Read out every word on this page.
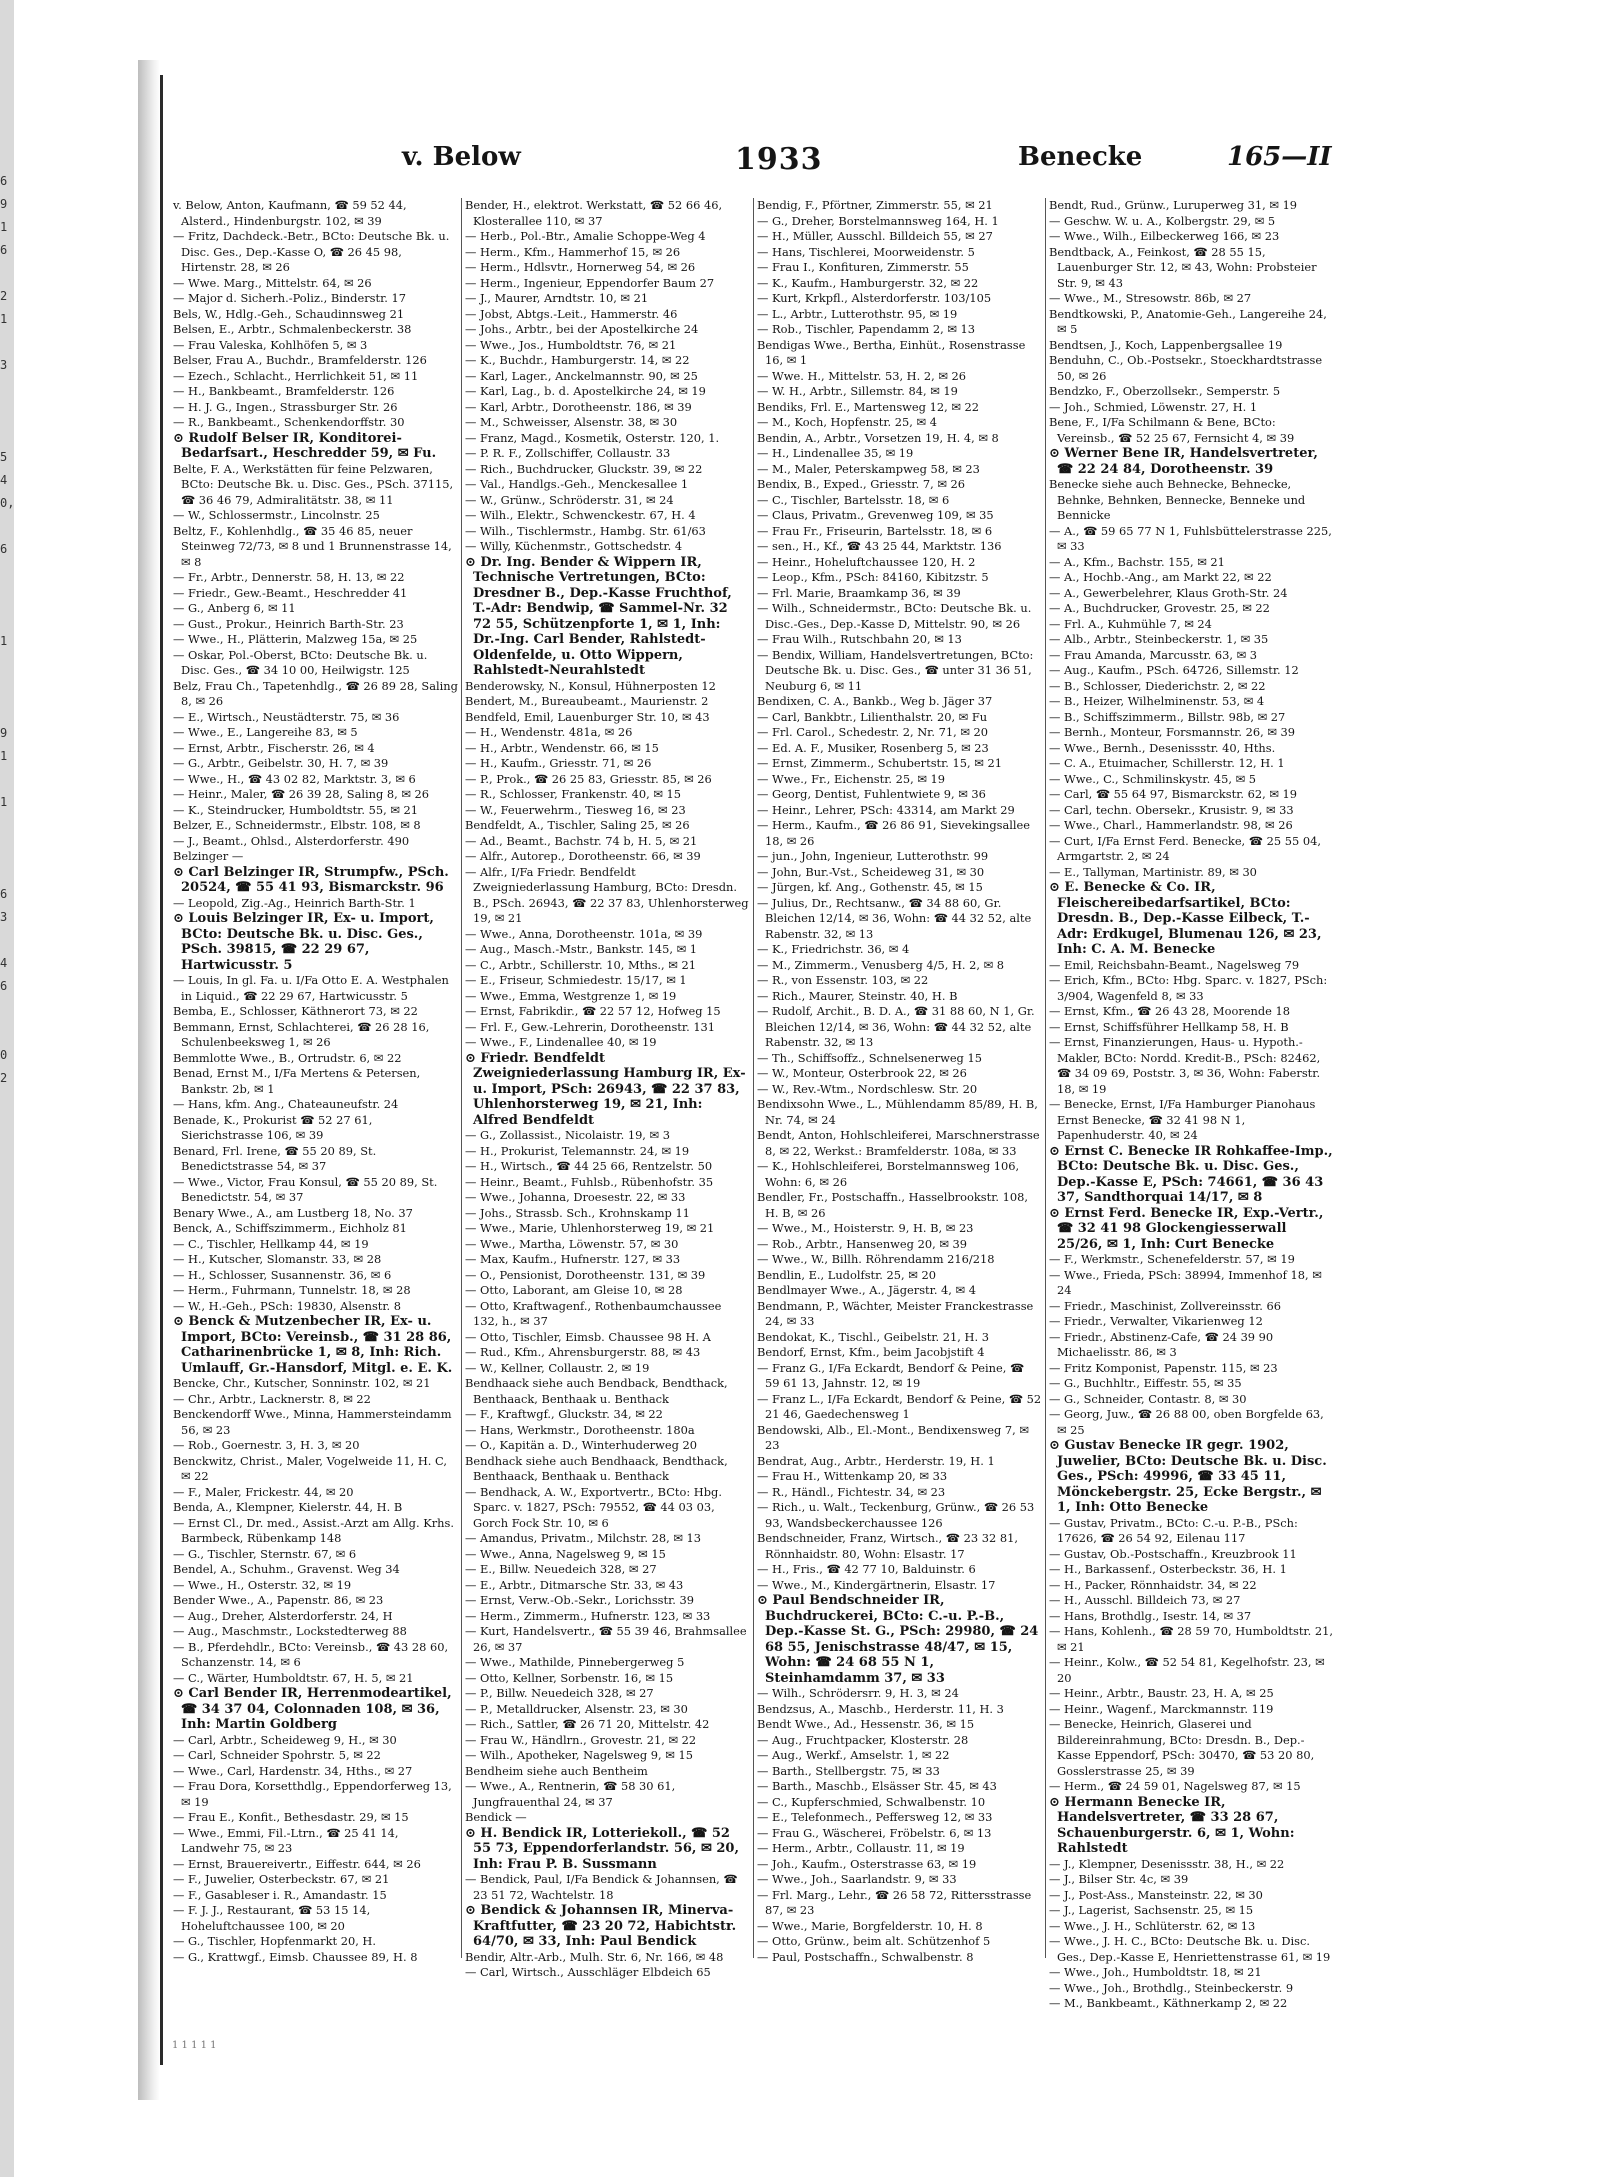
6
9
1
6

2
1

3

5
4
0,

6

1

9
1

1

6
3

4
6

0
2
v. Below	1933	Benecke	165—II

v. Below, Anton, Kaufmann, ☎ 59 52 44, Alsterd., Hindenburgstr. 102, ✉ 39

— Fritz, Dachdeck.-Betr., BCto: Deutsche Bk. u. Disc. Ges., Dep.-Kasse O, ☎ 26 45 98, Hirtenstr. 28, ✉ 26

— Wwe. Marg., Mittelstr. 64, ✉ 26

— Major d. Sicherh.-Poliz., Binderstr. 17

Bels, W., Hdlg.-Geh., Schaudinnsweg 21

Belsen, E., Arbtr., Schmalenbeckerstr. 38

— Frau Valeska, Kohlhöfen 5, ✉ 3

Belser, Frau A., Buchdr., Bramfelderstr. 126

— Ezech., Schlacht., Herrlichkeit 51, ✉ 11

— H., Bankbeamt., Bramfelderstr. 126

— H. J. G., Ingen., Strassburger Str. 26

— R., Bankbeamt., Schenkendorffstr. 30

⊙ Rudolf Belser IR, Konditorei-Bedarfsart., Heschredder 59, ✉ Fu.

Belte, F. A., Werkstätten für feine Pelzwaren, BCto: Deutsche Bk. u. Disc. Ges., PSch. 37115, ☎ 36 46 79, Admiralitätstr. 38, ✉ 11

— W., Schlossermstr., Lincolnstr. 25

Beltz, F., Kohlenhdlg., ☎ 35 46 85, neuer Steinweg 72/73, ✉ 8 und 1 Brunnenstrasse 14, ✉ 8

— Fr., Arbtr., Dennerstr. 58, H. 13, ✉ 22

— Friedr., Gew.-Beamt., Heschredder 41

— G., Anberg 6, ✉ 11

— Gust., Prokur., Heinrich Barth-Str. 23

— Wwe., H., Plätterin, Malzweg 15a, ✉ 25

— Oskar, Pol.-Oberst, BCto: Deutsche Bk. u. Disc. Ges., ☎ 34 10 00, Heilwigstr. 125

Belz, Frau Ch., Tapetenhdlg., ☎ 26 89 28, Saling 8, ✉ 26

— E., Wirtsch., Neustädterstr. 75, ✉ 36

— Wwe., E., Langereihe 83, ✉ 5

— Ernst, Arbtr., Fischerstr. 26, ✉ 4

— G., Arbtr., Geibelstr. 30, H. 7, ✉ 39

— Wwe., H., ☎ 43 02 82, Marktstr. 3, ✉ 6

— Heinr., Maler, ☎ 26 39 28, Saling 8, ✉ 26

— K., Steindrucker, Humboldtstr. 55, ✉ 21

Belzer, E., Schneidermstr., Elbstr. 108, ✉ 8

— J., Beamt., Ohlsd., Alsterdorferstr. 490

Belzinger —

⊙ Carl Belzinger IR, Strumpfw., PSch. 20524, ☎ 55 41 93, Bismarckstr. 96

— Leopold, Zig.-Ag., Heinrich Barth-Str. 1

⊙ Louis Belzinger IR, Ex- u. Import, BCto: Deutsche Bk. u. Disc. Ges., PSch. 39815, ☎ 22 29 67, Hartwicusstr. 5

— Louis, In gl. Fa. u. I/Fa Otto E. A. Westphalen in Liquid., ☎ 22 29 67, Hartwicusstr. 5

Bemba, E., Schlosser, Käthnerort 73, ✉ 22

Bemmann, Ernst, Schlachterei, ☎ 26 28 16, Schulenbeeksweg 1, ✉ 26

Bemmlotte Wwe., B., Ortrudstr. 6, ✉ 22

Benad, Ernst M., I/Fa Mertens & Petersen, Bankstr. 2b, ✉ 1

— Hans, kfm. Ang., Chateauneufstr. 24

Benade, K., Prokurist ☎ 52 27 61, Sierichstrasse 106, ✉ 39

Benard, Frl. Irene, ☎ 55 20 89, St. Benedictstrasse 54, ✉ 37

— Wwe., Victor, Frau Konsul, ☎ 55 20 89, St. Benedictstr. 54, ✉ 37

Benary Wwe., A., am Lustberg 18, No. 37

Benck, A., Schiffszimmerm., Eichholz 81

— C., Tischler, Hellkamp 44, ✉ 19

— H., Kutscher, Slomanstr. 33, ✉ 28

— H., Schlosser, Susannenstr. 36, ✉ 6

— Herm., Fuhrmann, Tunnelstr. 18, ✉ 28

— W., H.-Geh., PSch: 19830, Alsenstr. 8

⊙ Benck & Mutzenbecher IR, Ex- u. Import, BCto: Vereinsb., ☎ 31 28 86, Catharinenbrücke 1, ✉ 8, Inh: Rich. Umlauff, Gr.-Hansdorf, Mitgl. e. E. K.

Bencke, Chr., Kutscher, Sonninstr. 102, ✉ 21

— Chr., Arbtr., Lacknerstr. 8, ✉ 22

Benckendorff Wwe., Minna, Hammersteindamm 56, ✉ 23

— Rob., Goernestr. 3, H. 3, ✉ 20

Benckwitz, Christ., Maler, Vogelweide 11, H. C, ✉ 22

— F., Maler, Frickestr. 44, ✉ 20

Benda, A., Klempner, Kielerstr. 44, H. B

— Ernst Cl., Dr. med., Assist.-Arzt am Allg. Krhs. Barmbeck, Rübenkamp 148

— G., Tischler, Sternstr. 67, ✉ 6

Bendel, A., Schuhm., Gravenst. Weg 34

— Wwe., H., Osterstr. 32, ✉ 19

Bender Wwe., A., Papenstr. 86, ✉ 23

— Aug., Dreher, Alsterdorferstr. 24, H

— Aug., Maschmstr., Lockstedterweg 88

— B., Pferdehdlr., BCto: Vereinsb., ☎ 43 28 60, Schanzenstr. 14, ✉ 6

— C., Wärter, Humboldtstr. 67, H. 5, ✉ 21

⊙ Carl Bender IR, Herrenmodeartikel, ☎ 34 37 04, Colonnaden 108, ✉ 36, Inh: Martin Goldberg

— Carl, Arbtr., Scheideweg 9, H., ✉ 30

— Carl, Schneider Spohrstr. 5, ✉ 22

— Wwe., Carl, Hardenstr. 34, Hths., ✉ 27

— Frau Dora, Korsetthdlg., Eppendorferweg 13, ✉ 19

— Frau E., Konfit., Bethesdastr. 29, ✉ 15

— Wwe., Emmi, Fil.-Ltrn., ☎ 25 41 14, Landwehr 75, ✉ 23

— Ernst, Brauereivertr., Eiffestr. 644, ✉ 26

— F., Juwelier, Osterbeckstr. 67, ✉ 21

— F., Gasableser i. R., Amandastr. 15

— F. J. J., Restaurant, ☎ 53 15 14, Hoheluftchaussee 100, ✉ 20

— G., Tischler, Hopfenmarkt 20, H.

— G., Krattwgf., Eimsb. Chaussee 89, H. 8

Bender, H., elektrot. Werkstatt, ☎ 52 66 46, Klosterallee 110, ✉ 37

— Herb., Pol.-Btr., Amalie Schoppe-Weg 4

— Herm., Kfm., Hammerhof 15, ✉ 26

— Herm., Hdlsvtr., Hornerweg 54, ✉ 26

— Herm., Ingenieur, Eppendorfer Baum 27

— J., Maurer, Arndtstr. 10, ✉ 21

— Jobst, Abtgs.-Leit., Hammerstr. 46

— Johs., Arbtr., bei der Apostelkirche 24

— Wwe., Jos., Humboldtstr. 76, ✉ 21

— K., Buchdr., Hamburgerstr. 14, ✉ 22

— Karl, Lager., Anckelmannstr. 90, ✉ 25

— Karl, Lag., b. d. Apostelkirche 24, ✉ 19

— Karl, Arbtr., Dorotheenstr. 186, ✉ 39

— M., Schweisser, Alsenstr. 38, ✉ 30

— Franz, Magd., Kosmetik, Osterstr. 120, 1.

— P. R. F., Zollschiffer, Collaustr. 33

— Rich., Buchdrucker, Gluckstr. 39, ✉ 22

— Val., Handlgs.-Geh., Menckesallee 1

— W., Grünw., Schröderstr. 31, ✉ 24

— Wilh., Elektr., Schwenckestr. 67, H. 4

— Wilh., Tischlermstr., Hambg. Str. 61/63

— Willy, Küchenmstr., Gottschedstr. 4

⊙ Dr. Ing. Bender & Wippern IR, Technische Vertretungen, BCto: Dresdner B., Dep.-Kasse Fruchthof, T.-Adr: Bendwip, ☎ Sammel-Nr. 32 72 55, Schützenpforte 1, ✉ 1, Inh: Dr.-Ing. Carl Bender, Rahlstedt-Oldenfelde, u. Otto Wippern, Rahlstedt-Neurahlstedt

Benderowsky, N., Konsul, Hühnerposten 12

Bendert, M., Bureaubeamt., Maurienstr. 2

Bendfeld, Emil, Lauenburger Str. 10, ✉ 43

— H., Wendenstr. 481a, ✉ 26

— H., Arbtr., Wendenstr. 66, ✉ 15

— H., Kaufm., Griesstr. 71, ✉ 26

— P., Prok., ☎ 26 25 83, Griesstr. 85, ✉ 26

— R., Schlosser, Frankenstr. 40, ✉ 15

— W., Feuerwehrm., Tiesweg 16, ✉ 23

Bendfeldt, A., Tischler, Saling 25, ✉ 26

— Ad., Beamt., Bachstr. 74 b, H. 5, ✉ 21

— Alfr., Autorep., Dorotheenstr. 66, ✉ 39

— Alfr., I/Fa Friedr. Bendfeldt Zweigniederlassung Hamburg, BCto: Dresdn. B., PSch. 26943, ☎ 22 37 83, Uhlenhorsterweg 19, ✉ 21

— Wwe., Anna, Dorotheenstr. 101a, ✉ 39

— Aug., Masch.-Mstr., Bankstr. 145, ✉ 1

— C., Arbtr., Schillerstr. 10, Mths., ✉ 21

— E., Friseur, Schmiedestr. 15/17, ✉ 1

— Wwe., Emma, Westgrenze 1, ✉ 19

— Ernst, Fabrikdir., ☎ 22 57 12, Hofweg 15

— Frl. F., Gew.-Lehrerin, Dorotheenstr. 131

— Wwe., F., Lindenallee 40, ✉ 19

⊙ Friedr. Bendfeldt Zweigniederlassung Hamburg IR, Ex- u. Import, PSch: 26943, ☎ 22 37 83, Uhlenhorsterweg 19, ✉ 21, Inh: Alfred Bendfeldt

— G., Zollassist., Nicolaistr. 19, ✉ 3

— H., Prokurist, Telemannstr. 24, ✉ 19

— H., Wirtsch., ☎ 44 25 66, Rentzelstr. 50

— Heinr., Beamt., Fuhlsb., Rübenhofstr. 35

— Wwe., Johanna, Droesestr. 22, ✉ 33

— Johs., Strassb. Sch., Krohnskamp 11

— Wwe., Marie, Uhlenhorsterweg 19, ✉ 21

— Wwe., Martha, Löwenstr. 57, ✉ 30

— Max, Kaufm., Hufnerstr. 127, ✉ 33

— O., Pensionist, Dorotheenstr. 131, ✉ 39

— Otto, Laborant, am Gleise 10, ✉ 28

— Otto, Kraftwagenf., Rothenbaumchaussee 132, h., ✉ 37

— Otto, Tischler, Eimsb. Chaussee 98 H. A

— Rud., Kfm., Ahrensburgerstr. 88, ✉ 43

— W., Kellner, Collaustr. 2, ✉ 19

Bendhaack siehe auch Bendback, Bendthack, Benthaack, Benthaak u. Benthack

— F., Kraftwgf., Gluckstr. 34, ✉ 22

— Hans, Werkmstr., Dorotheenstr. 180a

— O., Kapitän a. D., Winterhuderweg 20

Bendhack siehe auch Bendhaack, Bendthack, Benthaack, Benthaak u. Benthack

— Bendhack, A. W., Exportvertr., BCto: Hbg. Sparc. v. 1827, PSch: 79552, ☎ 44 03 03, Gorch Fock Str. 10, ✉ 6

— Amandus, Privatm., Milchstr. 28, ✉ 13

— Wwe., Anna, Nagelsweg 9, ✉ 15

— E., Billw. Neuedeich 328, ✉ 27

— E., Arbtr., Ditmarsche Str. 33, ✉ 43

— Ernst, Verw.-Ob.-Sekr., Lorichsstr. 39

— Herm., Zimmerm., Hufnerstr. 123, ✉ 33

— Kurt, Handelsvertr., ☎ 55 39 46, Brahmsallee 26, ✉ 37

— Wwe., Mathilde, Pinnebergerweg 5

— Otto, Kellner, Sorbenstr. 16, ✉ 15

— P., Billw. Neuedeich 328, ✉ 27

— P., Metalldrucker, Alsenstr. 23, ✉ 30

— Rich., Sattler, ☎ 26 71 20, Mittelstr. 42

— Frau W., Händlrn., Grovestr. 21, ✉ 22

— Wilh., Apotheker, Nagelsweg 9, ✉ 15

Bendheim siehe auch Bentheim

— Wwe., A., Rentnerin, ☎ 58 30 61, Jungfrauenthal 24, ✉ 37

Bendick —

⊙ H. Bendick IR, Lotteriekoll., ☎ 52 55 73, Eppendorferlandstr. 56, ✉ 20, Inh: Frau P. B. Sussmann

— Bendick, Paul, I/Fa Bendick & Johannsen, ☎ 23 51 72, Wachtelstr. 18

⊙ Bendick & Johannsen IR, Minerva-Kraftfutter, ☎ 23 20 72, Habichtstr. 64/70, ✉ 33, Inh: Paul Bendick

Bendir, Altr.-Arb., Mulh. Str. 6, Nr. 166, ✉ 48

— Carl, Wirtsch., Ausschläger Elbdeich 65

Bendig, F., Pförtner, Zimmerstr. 55, ✉ 21

— G., Dreher, Borstelmannsweg 164, H. 1

— H., Müller, Ausschl. Billdeich 55, ✉ 27

— Hans, Tischlerei, Moorweidenstr. 5

— Frau I., Konfituren, Zimmerstr. 55

— K., Kaufm., Hamburgerstr. 32, ✉ 22

— Kurt, Krkpfl., Alsterdorferstr. 103/105

— L., Arbtr., Lutterothstr. 95, ✉ 19

— Rob., Tischler, Papendamm 2, ✉ 13

Bendigas Wwe., Bertha, Einhüt., Rosenstrasse 16, ✉ 1

— Wwe. H., Mittelstr. 53, H. 2, ✉ 26

— W. H., Arbtr., Sillemstr. 84, ✉ 19

Bendiks, Frl. E., Martensweg 12, ✉ 22

— M., Koch, Hopfenstr. 25, ✉ 4

Bendin, A., Arbtr., Vorsetzen 19, H. 4, ✉ 8

— H., Lindenallee 35, ✉ 19

— M., Maler, Peterskampweg 58, ✉ 23

Bendix, B., Exped., Griesstr. 7, ✉ 26

— C., Tischler, Bartelsstr. 18, ✉ 6

— Claus, Privatm., Grevenweg 109, ✉ 35

— Frau Fr., Friseurin, Bartelsstr. 18, ✉ 6

— sen., H., Kf., ☎ 43 25 44, Marktstr. 136

— Heinr., Hoheluftchaussee 120, H. 2

— Leop., Kfm., PSch: 84160, Kibitzstr. 5

— Frl. Marie, Braamkamp 36, ✉ 39

— Wilh., Schneidermstr., BCto: Deutsche Bk. u. Disc.-Ges., Dep.-Kasse D, Mittelstr. 90, ✉ 26

— Frau Wilh., Rutschbahn 20, ✉ 13

— Bendix, William, Handelsvertretungen, BCto: Deutsche Bk. u. Disc. Ges., ☎ unter 31 36 51, Neuburg 6, ✉ 11

Bendixen, C. A., Bankb., Weg b. Jäger 37

— Carl, Bankbtr., Lilienthalstr. 20, ✉ Fu

— Frl. Carol., Schedestr. 2, Nr. 71, ✉ 20

— Ed. A. F., Musiker, Rosenberg 5, ✉ 23

— Ernst, Zimmerm., Schubertstr. 15, ✉ 21

— Wwe., Fr., Eichenstr. 25, ✉ 19

— Georg, Dentist, Fuhlentwiete 9, ✉ 36

— Heinr., Lehrer, PSch: 43314, am Markt 29

— Herm., Kaufm., ☎ 26 86 91, Sievekingsallee 18, ✉ 26

— jun., John, Ingenieur, Lutterothstr. 99

— John, Bur.-Vst., Scheideweg 31, ✉ 30

— Jürgen, kf. Ang., Gothenstr. 45, ✉ 15

— Julius, Dr., Rechtsanw., ☎ 34 88 60, Gr. Bleichen 12/14, ✉ 36, Wohn: ☎ 44 32 52, alte Rabenstr. 32, ✉ 13

— K., Friedrichstr. 36, ✉ 4

— M., Zimmerm., Venusberg 4/5, H. 2, ✉ 8

— R., von Essenstr. 103, ✉ 22

— Rich., Maurer, Steinstr. 40, H. B

— Rudolf, Archit., B. D. A., ☎ 31 88 60, N 1, Gr. Bleichen 12/14, ✉ 36, Wohn: ☎ 44 32 52, alte Rabenstr. 32, ✉ 13

— Th., Schiffsoffz., Schnelsenerweg 15

— W., Monteur, Osterbrook 22, ✉ 26

— W., Rev.-Wtm., Nordschlesw. Str. 20

Bendixsohn Wwe., L., Mühlendamm 85/89, H. B, Nr. 74, ✉ 24

Bendt, Anton, Hohlschleiferei, Marschnerstrasse 8, ✉ 22, Werkst.: Bramfelderstr. 108a, ✉ 33

— K., Hohlschleiferei, Borstelmannsweg 106, Wohn: 6, ✉ 26

Bendler, Fr., Postschaffn., Hasselbrookstr. 108, H. B, ✉ 26

— Wwe., M., Hoisterstr. 9, H. B, ✉ 23

— Rob., Arbtr., Hansenweg 20, ✉ 39

— Wwe., W., Billh. Röhrendamm 216/218

Bendlin, E., Ludolfstr. 25, ✉ 20

Bendlmayer Wwe., A., Jägerstr. 4, ✉ 4

Bendmann, P., Wächter, Meister Franckestrasse 24, ✉ 33

Bendokat, K., Tischl., Geibelstr. 21, H. 3

Bendorf, Ernst, Kfm., beim Jacobjstift 4

— Franz G., I/Fa Eckardt, Bendorf & Peine, ☎ 59 61 13, Jahnstr. 12, ✉ 19

— Franz L., I/Fa Eckardt, Bendorf & Peine, ☎ 52 21 46, Gaedechensweg 1

Bendowski, Alb., El.-Mont., Bendixensweg 7, ✉ 23

Bendrat, Aug., Arbtr., Herderstr. 19, H. 1

— Frau H., Wittenkamp 20, ✉ 33

— R., Händl., Fichtestr. 34, ✉ 23

— Rich., u. Walt., Teckenburg, Grünw., ☎ 26 53 93, Wandsbeckerchaussee 126

Bendschneider, Franz, Wirtsch., ☎ 23 32 81, Rönnhaidstr. 80, Wohn: Elsastr. 17

— H., Fris., ☎ 42 77 10, Balduinstr. 6

— Wwe., M., Kindergärtnerin, Elsastr. 17

⊙ Paul Bendschneider IR, Buchdruckerei, BCto: C.-u. P.-B., Dep.-Kasse St. G., PSch: 29980, ☎ 24 68 55, Jenischstrasse 48/47, ✉ 15, Wohn: ☎ 24 68 55 N 1, Steinhamdamm 37, ✉ 33

— Wilh., Schrödersrr. 9, H. 3, ✉ 24

Bendzsus, A., Maschb., Herderstr. 11, H. 3

Bendt Wwe., Ad., Hessenstr. 36, ✉ 15

— Aug., Fruchtpacker, Klosterstr. 28

— Aug., Werkf., Amselstr. 1, ✉ 22

— Barth., Stellbergstr. 75, ✉ 33

— Barth., Maschb., Elsässer Str. 45, ✉ 43

— C., Kupferschmied, Schwalbenstr. 10

— E., Telefonmech., Peffersweg 12, ✉ 33

— Frau G., Wäscherei, Fröbelstr. 6, ✉ 13

— Herm., Arbtr., Collaustr. 11, ✉ 19

— Joh., Kaufm., Osterstrasse 63, ✉ 19

— Wwe., Joh., Saarlandstr. 9, ✉ 33

— Frl. Marg., Lehr., ☎ 26 58 72, Rittersstrasse 87, ✉ 23

— Wwe., Marie, Borgfelderstr. 10, H. 8

— Otto, Grünw., beim alt. Schützenhof 5

— Paul, Postschaffn., Schwalbenstr. 8

Bendt, Rud., Grünw., Luruperweg 31, ✉ 19

— Geschw. W. u. A., Kolbergstr. 29, ✉ 5

— Wwe., Wilh., Eilbeckerweg 166, ✉ 23

Bendtback, A., Feinkost, ☎ 28 55 15, Lauenburger Str. 12, ✉ 43, Wohn: Probsteier Str. 9, ✉ 43

— Wwe., M., Stresowstr. 86b, ✉ 27

Bendtkowski, P., Anatomie-Geh., Langereihe 24, ✉ 5

Bendtsen, J., Koch, Lappenbergsallee 19

Benduhn, C., Ob.-Postsekr., Stoeckhardtstrasse 50, ✉ 26

Bendzko, F., Oberzollsekr., Semperstr. 5

— Joh., Schmied, Löwenstr. 27, H. 1

Bene, F., I/Fa Schilmann & Bene, BCto: Vereinsb., ☎ 52 25 67, Fernsicht 4, ✉ 39

⊙ Werner Bene IR, Handelsvertreter, ☎ 22 24 84, Dorotheenstr. 39

Benecke siehe auch Behnecke, Behnecke, Behnke, Behnken, Bennecke, Benneke und Bennicke

— A., ☎ 59 65 77 N 1, Fuhlsbüttelerstrasse 225, ✉ 33

— A., Kfm., Bachstr. 155, ✉ 21

— A., Hochb.-Ang., am Markt 22, ✉ 22

— A., Gewerbelehrer, Klaus Groth-Str. 24

— A., Buchdrucker, Grovestr. 25, ✉ 22

— Frl. A., Kuhmühle 7, ✉ 24

— Alb., Arbtr., Steinbeckerstr. 1, ✉ 35

— Frau Amanda, Marcusstr. 63, ✉ 3

— Aug., Kaufm., PSch. 64726, Sillemstr. 12

— B., Schlosser, Diederichstr. 2, ✉ 22

— B., Heizer, Wilhelminenstr. 53, ✉ 4

— B., Schiffszimmerm., Billstr. 98b, ✉ 27

— Bernh., Monteur, Forsmannstr. 26, ✉ 39

— Wwe., Bernh., Desenissstr. 40, Hths.

— C. A., Etuimacher, Schillerstr. 12, H. 1

— Wwe., C., Schmilinskystr. 45, ✉ 5

— Carl, ☎ 55 64 97, Bismarckstr. 62, ✉ 19

— Carl, techn. Obersekr., Krusistr. 9, ✉ 33

— Wwe., Charl., Hammerlandstr. 98, ✉ 26

— Curt, I/Fa Ernst Ferd. Benecke, ☎ 25 55 04, Armgartstr. 2, ✉ 24

— E., Tallyman, Martinistr. 89, ✉ 30

⊙ E. Benecke & Co. IR, Fleischereibedarfsartikel, BCto: Dresdn. B., Dep.-Kasse Eilbeck, T.-Adr: Erdkugel, Blumenau 126, ✉ 23, Inh: C. A. M. Benecke

— Emil, Reichsbahn-Beamt., Nagelsweg 79

— Erich, Kfm., BCto: Hbg. Sparc. v. 1827, PSch: 3/904, Wagenfeld 8, ✉ 33

— Ernst, Kfm., ☎ 26 43 28, Moorende 18

— Ernst, Schiffsführer Hellkamp 58, H. B

— Ernst, Finanzierungen, Haus- u. Hypoth.-Makler, BCto: Nordd. Kredit-B., PSch: 82462, ☎ 34 09 69, Poststr. 3, ✉ 36, Wohn: Faberstr. 18, ✉ 19

— Benecke, Ernst, I/Fa Hamburger Pianohaus Ernst Benecke, ☎ 32 41 98 N 1, Papenhuderstr. 40, ✉ 24

⊙ Ernst C. Benecke IR Rohkaffee-Imp., BCto: Deutsche Bk. u. Disc. Ges., Dep.-Kasse E, PSch: 74661, ☎ 36 43 37, Sandthorquai 14/17, ✉ 8

⊙ Ernst Ferd. Benecke IR, Exp.-Vertr., ☎ 32 41 98 Glockengiesserwall 25/26, ✉ 1, Inh: Curt Benecke

— F., Werkmstr., Schenefelderstr. 57, ✉ 19

— Wwe., Frieda, PSch: 38994, Immenhof 18, ✉ 24

— Friedr., Maschinist, Zollvereinsstr. 66

— Friedr., Verwalter, Vikarienweg 12

— Friedr., Abstinenz-Cafe, ☎ 24 39 90 Michaelisstr. 86, ✉ 3

— Fritz Komponist, Papenstr. 115, ✉ 23

— G., Buchhltr., Eiffestr. 55, ✉ 35

— G., Schneider, Contastr. 8, ✉ 30

— Georg, Juw., ☎ 26 88 00, oben Borgfelde 63, ✉ 25

⊙ Gustav Benecke IR gegr. 1902, Juwelier, BCto: Deutsche Bk. u. Disc. Ges., PSch: 49996, ☎ 33 45 11, Mönckebergstr. 25, Ecke Bergstr., ✉ 1, Inh: Otto Benecke

— Gustav, Privatm., BCto: C.-u. P.-B., PSch: 17626, ☎ 26 54 92, Eilenau 117

— Gustav, Ob.-Postschaffn., Kreuzbrook 11

— H., Barkassenf., Osterbeckstr. 36, H. 1

— H., Packer, Rönnhaidstr. 34, ✉ 22

— H., Ausschl. Billdeich 73, ✉ 27

— Hans, Brothdlg., Isestr. 14, ✉ 37

— Hans, Kohlenh., ☎ 28 59 70, Humboldtstr. 21, ✉ 21

— Heinr., Kolw., ☎ 52 54 81, Kegelhofstr. 23, ✉ 20

— Heinr., Arbtr., Baustr. 23, H. A, ✉ 25

— Heinr., Wagenf., Marckmannstr. 119

— Benecke, Heinrich, Glaserei und Bildereinrahmung, BCto: Dresdn. B., Dep.-Kasse Eppendorf, PSch: 30470, ☎ 53 20 80, Gosslerstrasse 25, ✉ 39

— Herm., ☎ 24 59 01, Nagelsweg 87, ✉ 15

⊙ Hermann Benecke IR, Handelsvertreter, ☎ 33 28 67, Schauenburgerstr. 6, ✉ 1, Wohn: Rahlstedt

— J., Klempner, Desenissstr. 38, H., ✉ 22

— J., Bilser Str. 4c, ✉ 39

— J., Post-Ass., Mansteinstr. 22, ✉ 30

— J., Lagerist, Sachsenstr. 25, ✉ 15

— Wwe., J. H., Schlüterstr. 62, ✉ 13

— Wwe., J. H. C., BCto: Deutsche Bk. u. Disc. Ges., Dep.-Kasse E, Henriettenstrasse 61, ✉ 19

— Wwe., Joh., Humboldtstr. 18, ✉ 21

— Wwe., Joh., Brothdlg., Steinbeckerstr. 9

— M., Bankbeamt., Käthnerkamp 2, ✉ 22

1 1 1 1 1
